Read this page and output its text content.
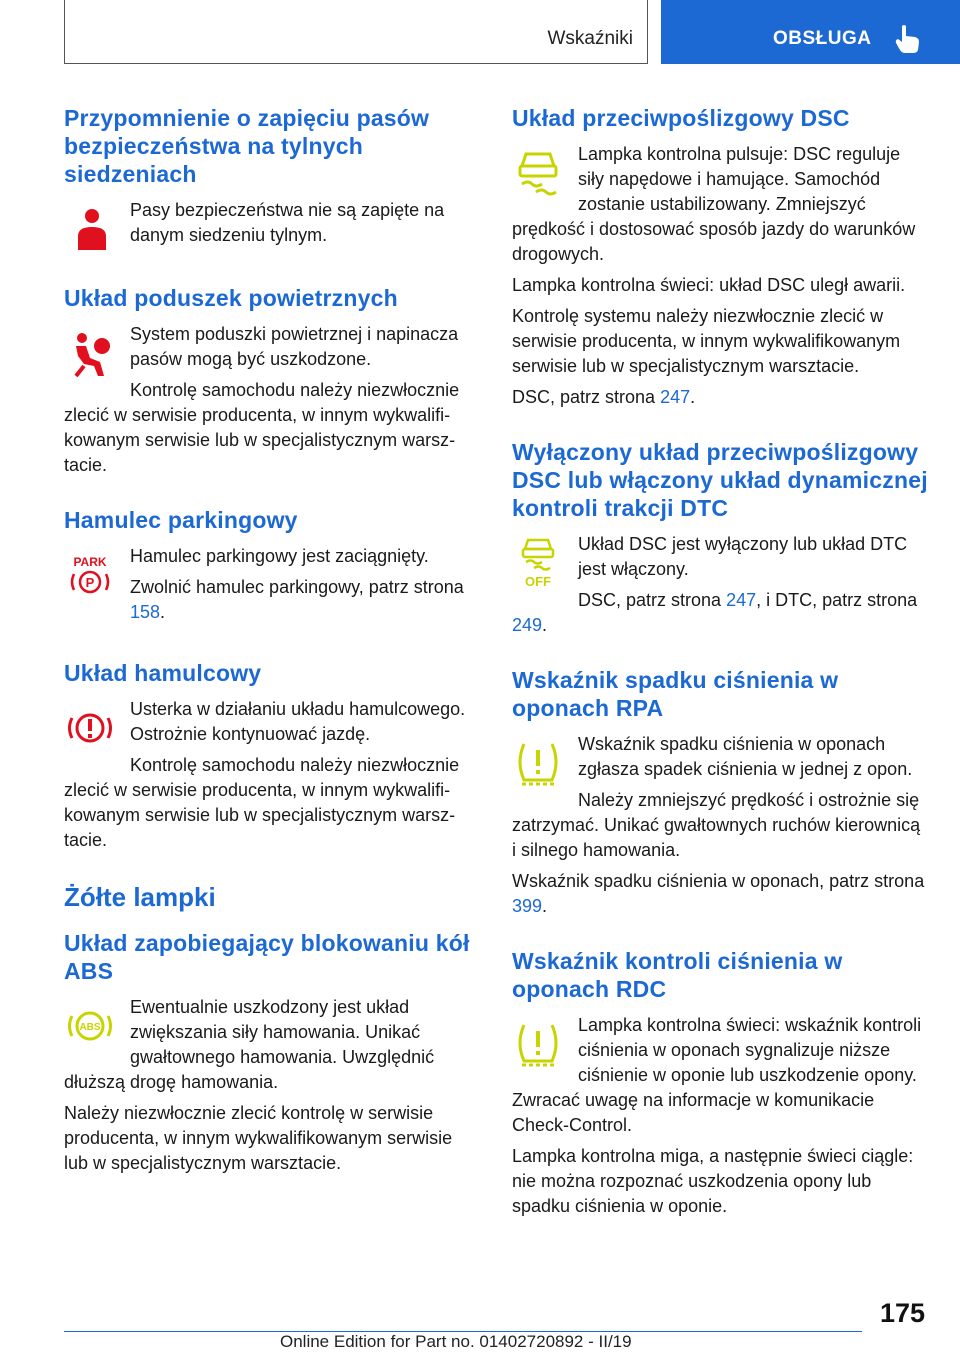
Wskaźniki	OBSŁUGA
Przypomnienie o zapięciu pasów bezpieczeństwa na tylnych siedzeniach

Pasy bezpieczeństwa nie są zapięte na danym siedzeniu tylnym.

Układ poduszek powietrznych

System poduszki powietrznej i napinacza pasów mogą być uszkodzone.

Kontrolę samochodu należy niezwłocznie zlecić w serwisie producenta, w innym wykwalifikowanym serwisie lub w specjalistycznym warsztacie.

Hamulec parkingowy
PARK
P

Hamulec parkingowy jest zaciągnięty.

Zwolnić hamulec parkingowy, patrz strona 158.

Układ hamulcowy

Usterka w działaniu układu hamulcowego. Ostrożnie kontynuować jazdę.

Kontrolę samochodu należy niezwłocznie zlecić w serwisie producenta, w innym wykwalifikowanym serwisie lub w specjalistycznym warsztacie.

Żółte lampki
Układ zapobiegający blokowaniu kół ABS
ABS

Ewentualnie uszkodzony jest układ zwiększania siły hamowania. Unikać gwałtownego hamowania. Uwzględnić dłuższą drogę hamowania.

Należy niezwłocznie zlecić kontrolę w serwisie producenta, w innym wykwalifikowanym serwisie lub w specjalistycznym warsztacie.

Układ przeciwpoślizgowy DSC

Lampka kontrolna pulsuje: DSC reguluje siły napędowe i hamujące. Samochód zostanie ustabilizowany. Zmniejszyć prędkość i dostosować sposób jazdy do warunków drogowych.

Lampka kontrolna świeci: układ DSC uległ awarii.

Kontrolę systemu należy niezwłocznie zlecić w serwisie producenta, w innym wykwalifikowanym serwisie lub w specjalistycznym warsztacie.

DSC, patrz strona 247.

Wyłączony układ przeciwpoślizgowy DSC lub włączony układ dynamicznej kontroli trakcji DTC
OFF

Układ DSC jest wyłączony lub układ DTC jest włączony.

DSC, patrz strona 247, i DTC, patrz strona 249.

Wskaźnik spadku ciśnienia w oponach RPA

Wskaźnik spadku ciśnienia w oponach zgłasza spadek ciśnienia w jednej z opon.

Należy zmniejszyć prędkość i ostrożnie się zatrzymać. Unikać gwałtownych ruchów kierownicą i silnego hamowania.

Wskaźnik spadku ciśnienia w oponach, patrz strona 399.

Wskaźnik kontroli ciśnienia w oponach RDC

Lampka kontrolna świeci: wskaźnik kontroli ciśnienia w oponach sygnalizuje niższe ciśnienie w oponie lub uszkodzenie opony. Zwracać uwagę na informacje w komunikacie Check-Control.

Lampka kontrolna miga, a następnie świeci ciągle: nie można rozpoznać uszkodzenia opony lub spadku ciśnienia w oponie.

175
Online Edition for Part no. 01402720892 - II/19
